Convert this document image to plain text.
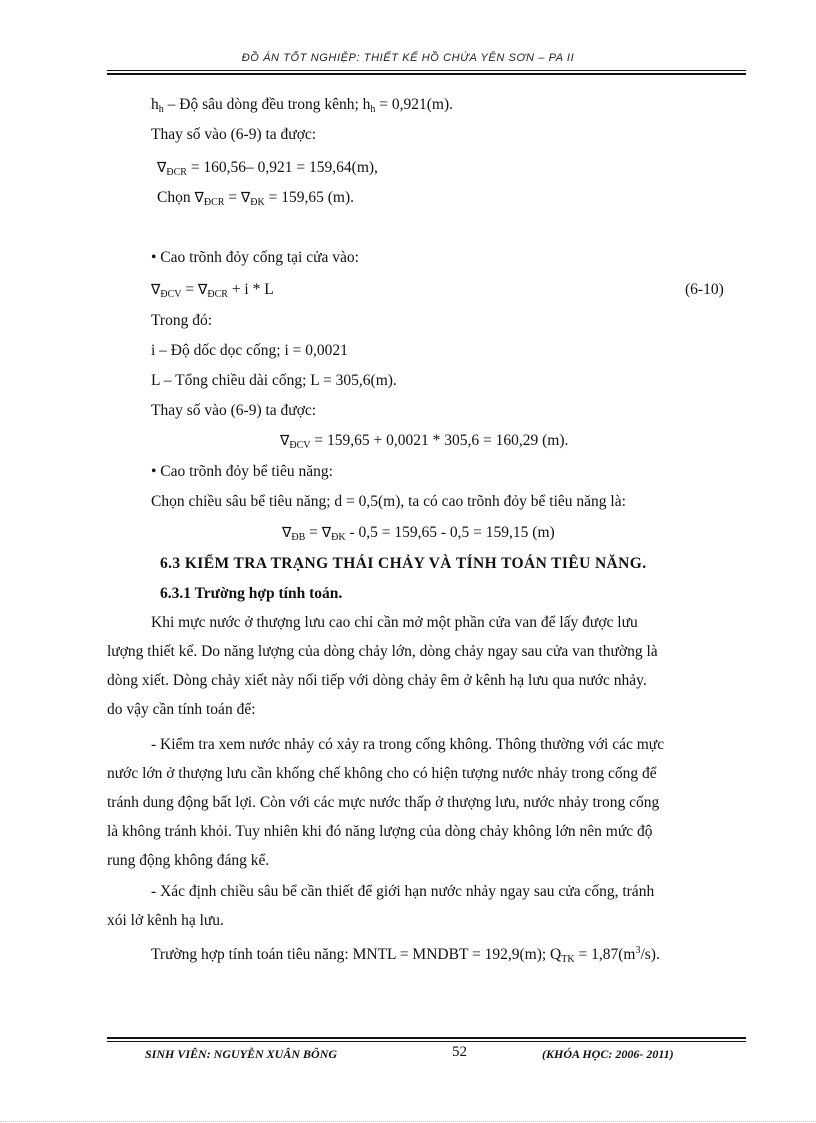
ĐỒ ÁN TỐT NGHIỆP: THIẾT KẾ HỒ CHỨA YÊN SƠN – PA II
$h_h$ – Độ sâu dòng đều trong kênh; $h_h = 0,921(m)$.
Thay số vào (6-9) ta được:
$\nabla_{ĐCR} = 160,56-$ 0,921 = 159,64(m),
Chọn $\nabla_{ĐCR} = \nabla_{ĐK} = 159,65$ (m).
• Cao trõnh đỏy cống tại cửa vào:
$\nabla_{ĐCV} = \nabla_{ĐCR} + i * L$	(6-10)
Trong đó:
i – Độ dốc dọc cống; i = 0,0021
L – Tổng chiều dài cống; L = 305,6(m).
Thay số vào (6-9) ta được:
$\nabla_{ĐCV} = 159,65 + 0,0021 * 305,6 = 160,29$ (m).
• Cao trõnh đỏy bể tiêu năng:
Chọn chiều sâu bể tiêu năng; d = 0,5(m), ta có cao trõnh đỏy bể tiêu năng là:
$\nabla_{ĐB} = \nabla_{ĐK} - 0,5 = 159,65 - 0,5 = 159,15$ (m)
6.3 KIỂM TRA TRẠNG THÁI CHẢY VÀ TÍNH TOÁN TIÊU NĂNG.
6.3.1 Trường hợp tính toán.
Khi mực nước ở thượng lưu cao chỉ cần mở một phần cửa van để lấy được lưu
lượng thiết kế. Do năng lượng của dòng chảy lớn, dòng chảy ngay sau cửa van thường là
dòng xiết. Dòng chảy xiết này nối tiếp với dòng chảy êm ở kênh hạ lưu qua nước nhảy.
do vậy cần tính toán để:
- Kiểm tra xem nước nhảy có xảy ra trong cống không. Thông thường với các mực
nước lớn ở thượng lưu cần khống chế không cho có hiện tượng nước nhảy trong cống để
tránh dung động bất lợi. Còn với các mực nước thấp ở thượng lưu, nước nhảy trong cống
là không tránh khỏi. Tuy nhiên khi đó năng lượng của dòng chảy không lớn nên mức độ
rung động không đáng kể.
- Xác định chiều sâu bể cần thiết để giới hạn nước nhảy ngay sau cửa cống, tránh
xói lở kênh hạ lưu.
Trường hợp tính toán tiêu năng: MNTL = MNDBT = 192,9(m); $Q_{TK} = 1,87(m^3/s)$.
SINH VIÊN: NGUYỄN XUÂN BÔNG	52	(KHÓA HỌC: 2006- 2011)
